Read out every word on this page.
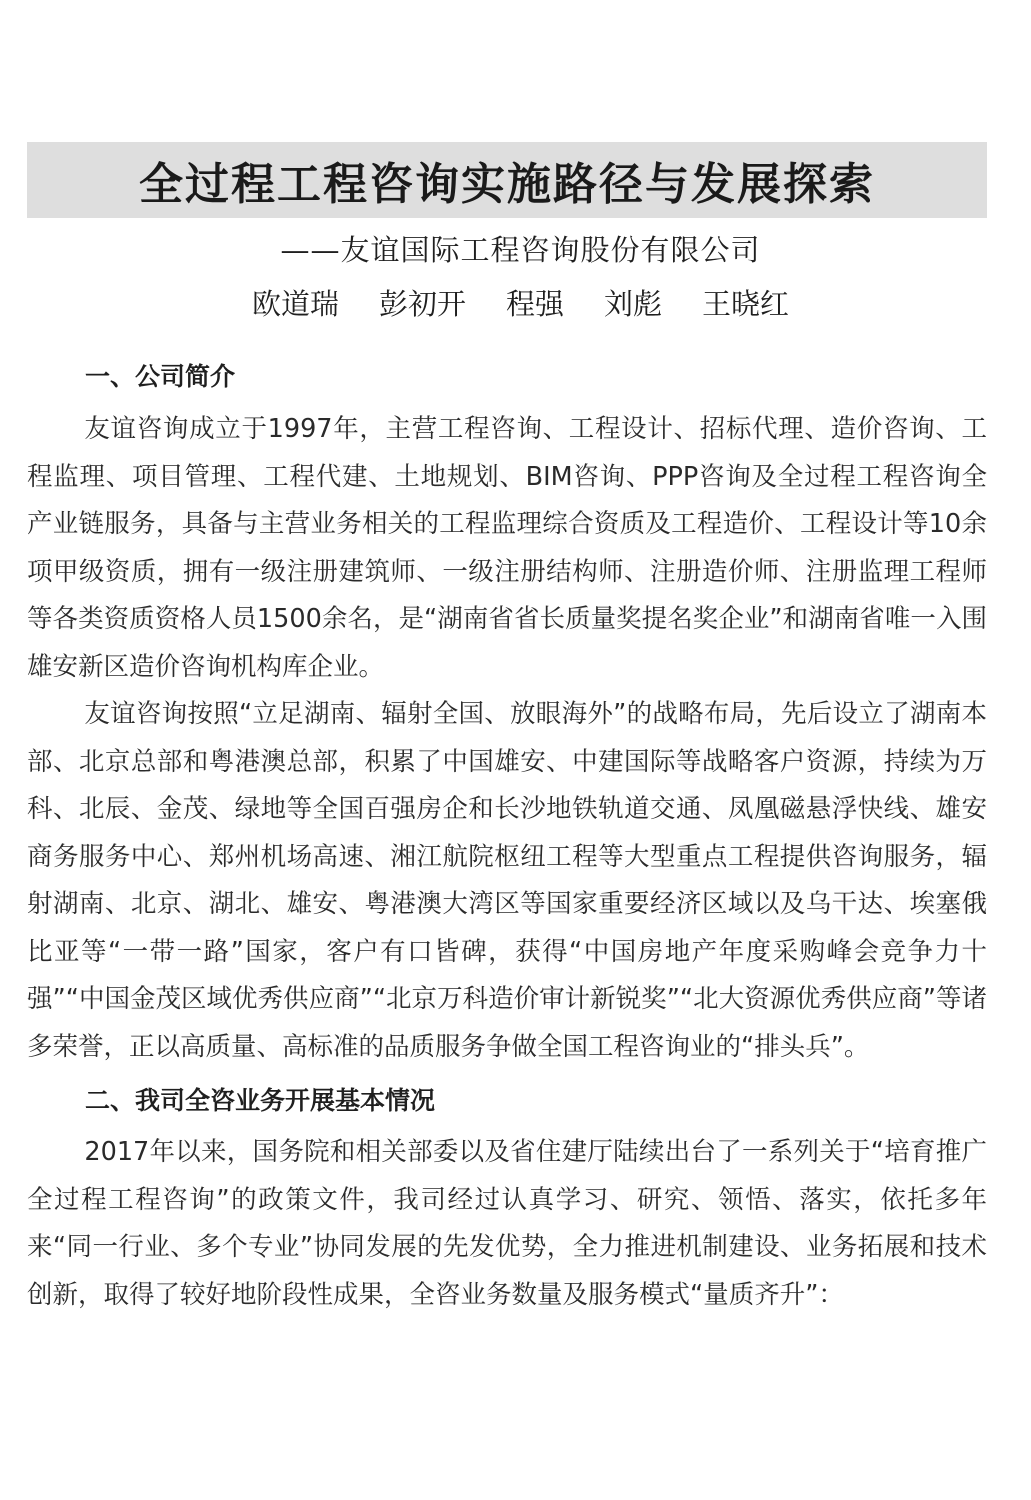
全过程工程咨询实施路径与发展探索
——友谊国际工程咨询股份有限公司
欧道瑞 彭初开 程强 刘彪 王晓红
一、公司简介

友谊咨询成立于1997年，主营工程咨询、工程设计、招标代理、造价咨询、工程监理、项目管理、工程代建、土地规划、BIM咨询、PPP咨询及全过程工程咨询全产业链服务，具备与主营业务相关的工程监理综合资质及工程造价、工程设计等10余项甲级资质，拥有一级注册建筑师、一级注册结构师、注册造价师、注册监理工程师等各类资质资格人员1500余名，是“湖南省省长质量奖提名奖企业”和湖南省唯一入围雄安新区造价咨询机构库企业。

友谊咨询按照“立足湖南、辐射全国、放眼海外”的战略布局，先后设立了湖南本部、北京总部和粤港澳总部，积累了中国雄安、中建国际等战略客户资源，持续为万科、北辰、金茂、绿地等全国百强房企和长沙地铁轨道交通、凤凰磁悬浮快线、雄安商务服务中心、郑州机场高速、湘江航院枢纽工程等大型重点工程提供咨询服务，辐射湖南、北京、湖北、雄安、粤港澳大湾区等国家重要经济区域以及乌干达、埃塞俄比亚等“一带一路”国家，客户有口皆碑，获得“中国房地产年度采购峰会竞争力十强”“中国金茂区域优秀供应商”“北京万科造价审计新锐奖”“北大资源优秀供应商”等诸多荣誉，正以高质量、高标准的品质服务争做全国工程咨询业的“排头兵”。

二、我司全咨业务开展基本情况

2017年以来，国务院和相关部委以及省住建厅陆续出台了一系列关于“培育推广全过程工程咨询”的政策文件，我司经过认真学习、研究、领悟、落实，依托多年来“同一行业、多个专业”协同发展的先发优势，全力推进机制建设、业务拓展和技术创新，取得了较好地阶段性成果，全咨业务数量及服务模式“量质齐升”：
